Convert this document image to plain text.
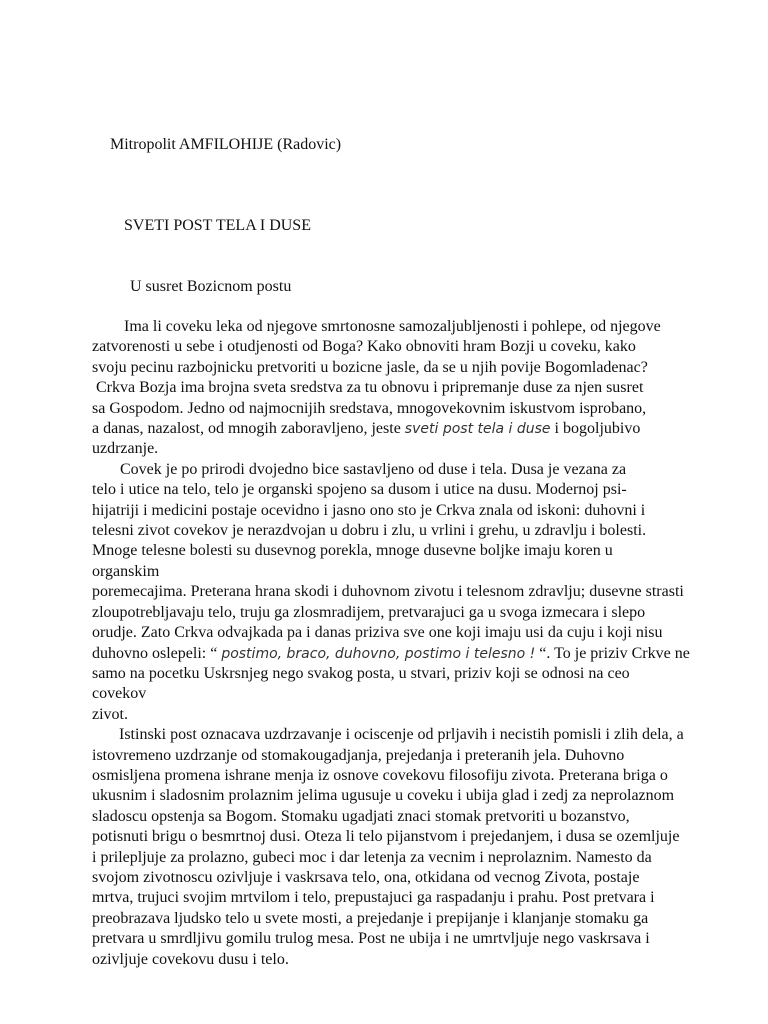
Mitropolit AMFILOHIJE (Radovic)

SVETI POST TELA I DUSE

U susret Bozicnom postu

Ima li coveku leka od njegove smrtonosne samozaljubljenosti i pohlepe, od njegove
zatvorenosti u sebe i otudjenosti od Boga? Kako obnoviti hram Bozji u coveku, kako
svoju pecinu razbojnicku pretvoriti u bozicne jasle, da se u njih povije Bogomladenac?
Crkva Bozja ima brojna sveta sredstva za tu obnovu i pripremanje duse za njen susret
sa Gospodom. Jedno od najmocnijih sredstava, mnogovekovnim iskustvom isprobano,
a danas, nazalost, od mnogih zaboravljeno, jeste sveti post tela i duse i bogoljubivo
uzdrzanje.
Covek je po prirodi dvojedno bice sastavljeno od duse i tela. Dusa je vezana za
telo i utice na telo, telo je organski spojeno sa dusom i utice na dusu. Modernoj psi-
hijatriji i medicini postaje ocevidno i jasno ono sto je Crkva znala od iskoni: duhovni i
telesni zivot covekov je nerazdvojan u dobru i zlu, u vrlini i grehu, u zdravlju i bolesti.
Mnoge telesne bolesti su dusevnog porekla, mnoge dusevne boljke imaju koren u
organskim
poremecajima. Preterana hrana skodi i duhovnom zivotu i telesnom zdravlju; dusevne strasti
zloupotrebljavaju telo, truju ga zlosmradijem, pretvarajuci ga u svoga izmecara i slepo
orudje. Zato Crkva odvajkada pa i danas priziva sve one koji imaju usi da cuju i koji nisu
duhovno oslepeli: “ postimo, braco, duhovno, postimo i telesno ! “. To je priziv Crkve ne
samo na pocetku Uskrsnjeg nego svakog posta, u stvari, priziv koji se odnosi na ceo
covekov
zivot.
Istinski post oznacava uzdrzavanje i ociscenje od prljavih i necistih pomisli i zlih dela, a
istovremeno uzdrzanje od stomakougadjanja, prejedanja i preteranih jela. Duhovno
osmisljena promena ishrane menja iz osnove covekovu filosofiju zivota. Preterana briga o
ukusnim i sladosnim prolaznim jelima ugusuje u coveku i ubija glad i zedj za neprolaznom
sladoscu opstenja sa Bogom. Stomaku ugadjati znaci stomak pretvoriti u bozanstvo,
potisnuti brigu o besmrtnoj dusi. Oteza li telo pijanstvom i prejedanjem, i dusa se ozemljuje
i prilepljuje za prolazno, gubeci moc i dar letenja za vecnim i neprolaznim. Namesto da
svojom zivotnoscu ozivljuje i vaskrsava telo, ona, otkidana od vecnog Zivota, postaje
mrtva, trujuci svojim mrtvilom i telo, prepustajuci ga raspadanju i prahu. Post pretvara i
preobrazava ljudsko telo u svete mosti, a prejedanje i prepijanje i klanjanje stomaku ga
pretvara u smrdljivu gomilu trulog mesa. Post ne ubija i ne umrtvljuje nego vaskrsava i
ozivljuje covekovu dusu i telo.
